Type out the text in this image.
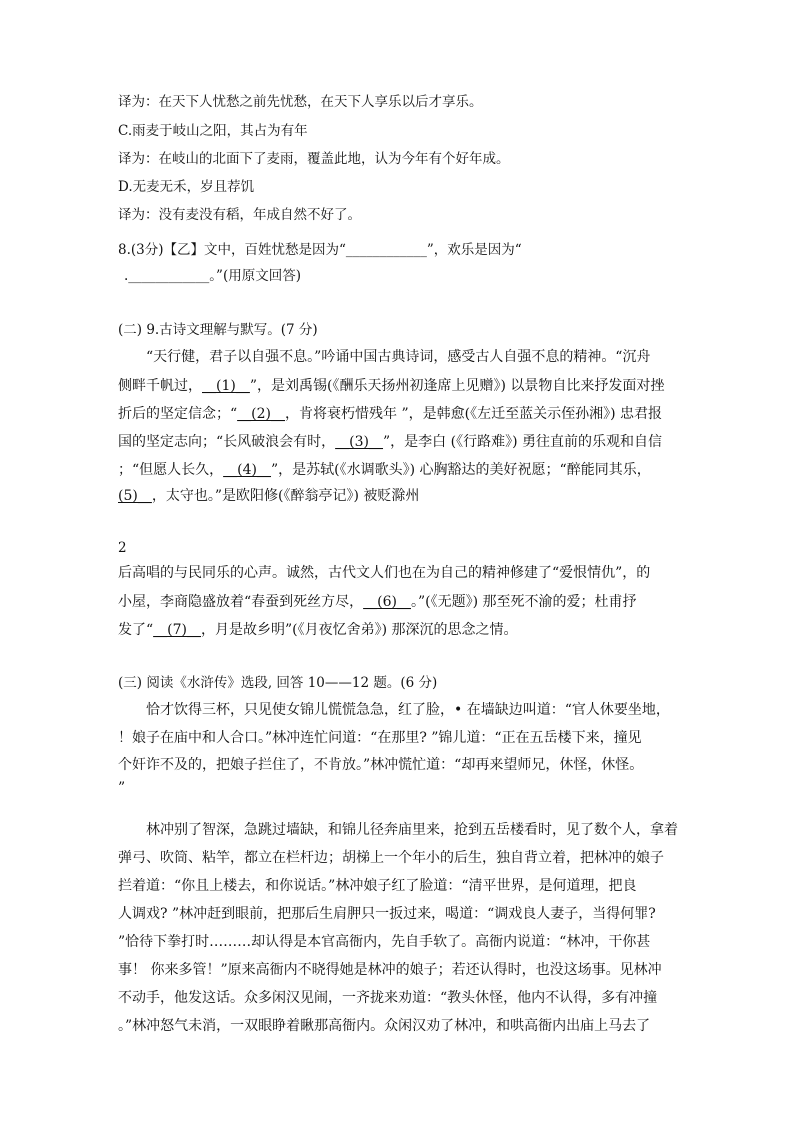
译为：在天下人忧愁之前先忧愁，在天下人享乐以后才享乐。
C.雨麦于岐山之阳，其占为有年
译为：在岐山的北面下了麦雨，覆盖此地，认为今年有个好年成。
D.无麦无禾，岁且荐饥
译为：没有麦没有稻，年成自然不好了。
8.(3分)【乙】文中，百姓忧愁是因为“____________”，欢乐是因为“
.____________。”(用原文回答)
(二) 9.古诗文理解与默写。(7 分)
“天行健，君子以自强不息。”吟诵中国古典诗词，感受古人自强不息的精神。“沉舟
侧畔千帆过，__(1)__”，是刘禹锡(《酬乐天扬州初逢席上见赠》) 以景物自比来抒发面对挫
折后的坚定信念；“__(2)__，肯将衰朽惜残年 ”，是韩愈(《左迁至蓝关示侄孙湘》) 忠君报
国的坚定志向；“长风破浪会有时，__(3)__”，是李白 (《行路难》) 勇往直前的乐观和自信
；“但愿人长久，__(4)__”，是苏轼(《水调歌头》) 心胸豁达的美好祝愿；“醉能同其乐，
(5)__，太守也。”是欧阳修(《醉翁亭记》) 被贬滁州
2
后高唱的与民同乐的心声。诚然，古代文人们也在为自己的精神修建了“爱恨情仇”，的
小屋，李商隐盛放着“春蚕到死丝方尽，__(6)__。”(《无题》) 那至死不渝的爱；杜甫抒
发了“__(7)__，月是故乡明”(《月夜忆舍弟》) 那深沉的思念之情。
(三) 阅读《水浒传》选段, 回答 10——12 题。(6 分)
恰才饮得三杯，只见使女锦儿慌慌急急，红了脸，• 在墙缺边叫道：“官人休要坐地，
！娘子在庙中和人合口。”林冲连忙问道：“在那里? ”锦儿道：“正在五岳楼下来，撞见
个奸诈不及的，把娘子拦住了，不肯放。”林冲慌忙道：“却再来望师兄，休怪，休怪。
”
林冲别了智深，急跳过墙缺，和锦儿径奔庙里来，抢到五岳楼看时，见了数个人，拿着
弹弓、吹筒、粘竿，都立在栏杆边；胡梯上一个年小的后生，独自背立着，把林冲的娘子
拦着道：“你且上楼去，和你说话。”林冲娘子红了脸道：“清平世界，是何道理，把良
人调戏? ”林冲赶到眼前，把那后生肩胛只一扳过来，喝道：“调戏良人妻子，当得何罪?
”恰待下拳打时………却认得是本官高衙内，先自手软了。高衙内说道：“林冲，干你甚
事！ 你来多管！”原来高衙内不晓得她是林冲的娘子；若还认得时，也没这场事。见林冲
不动手，他发这话。众多闲汉见闹，一齐拢来劝道：“教头休怪，他内不认得，多有冲撞
。”林冲怒气未消，一双眼睁着瞅那高衙内。众闲汉劝了林冲，和哄高衙内出庙上马去了
